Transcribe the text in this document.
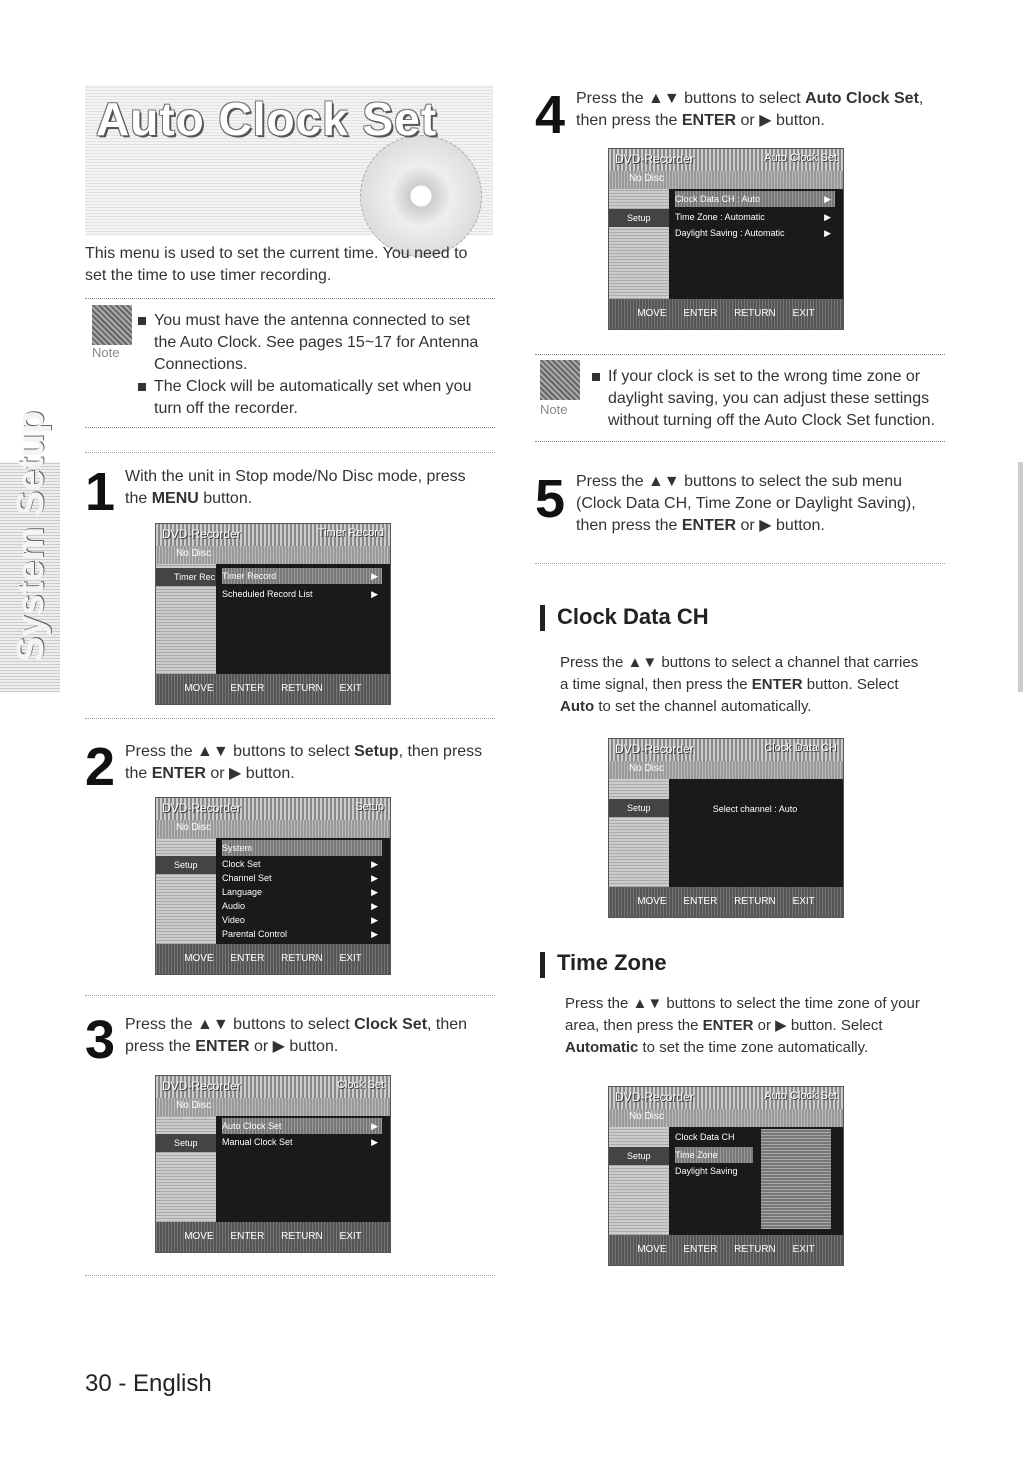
Auto Clock Set
This menu is used to set the current time. You need to set the time to use timer recording.
Note
You must have the antenna connected to set the Auto Clock. See pages 15~17 for Antenna Connections.
The Clock will be automatically set when you turn off the recorder.
System Setup 1 With the unit in Stop mode/No Disc mode, press the MENU button.
DVD-Recorder	Timer Record
No Disc
Timer Rec Timer Record	▶
Scheduled Record List	▶
MOVE ENTER RETURN EXIT
2 Press the ▲▼ buttons to select Setup, then press the ENTER or ▶ button.
DVD-Recorder	Setup
No Disc
Setup
System
Clock Set	▶
Channel Set	▶
Language	▶
Audio	▶
Video	▶
Parental Control	▶
MOVE ENTER RETURN EXIT
3 Press the ▲▼ buttons to select Clock Set, then press the ENTER or ▶ button.
DVD-Recorder	Clock Set
No Disc
Setup
Auto Clock Set	▶
Manual Clock Set	▶
MOVE ENTER RETURN EXIT
4 Press the ▲▼ buttons to select Auto Clock Set, then press the ENTER or ▶ button.
DVD-Recorder	Auto Clock Set
No Disc
Setup
Clock Data CH : Auto	▶
Time Zone : Automatic	▶
Daylight Saving : Automatic	▶
MOVE ENTER RETURN EXIT
Note
If your clock is set to the wrong time zone or daylight saving, you can adjust these settings without turning off the Auto Clock Set function.
5 Press the ▲▼ buttons to select the sub menu (Clock Data CH, Time Zone or Daylight Saving), then press the ENTER or ▶ button.
Clock Data CH
Press the ▲▼ buttons to select a channel that carries a time signal, then press the ENTER button. Select Auto to set the channel automatically.
DVD-Recorder	Clock Data CH
No Disc
Setup	Select channel : Auto
MOVE ENTER RETURN EXIT
Time Zone
Press the ▲▼ buttons to select the time zone of your area, then press the ENTER or ▶ button. Select Automatic to set the time zone automatically.
DVD-Recorder	Auto Clock Set
No Disc
Setup
Clock Data CH
Time Zone
Daylight Saving
MOVE ENTER RETURN EXIT
30 - English
